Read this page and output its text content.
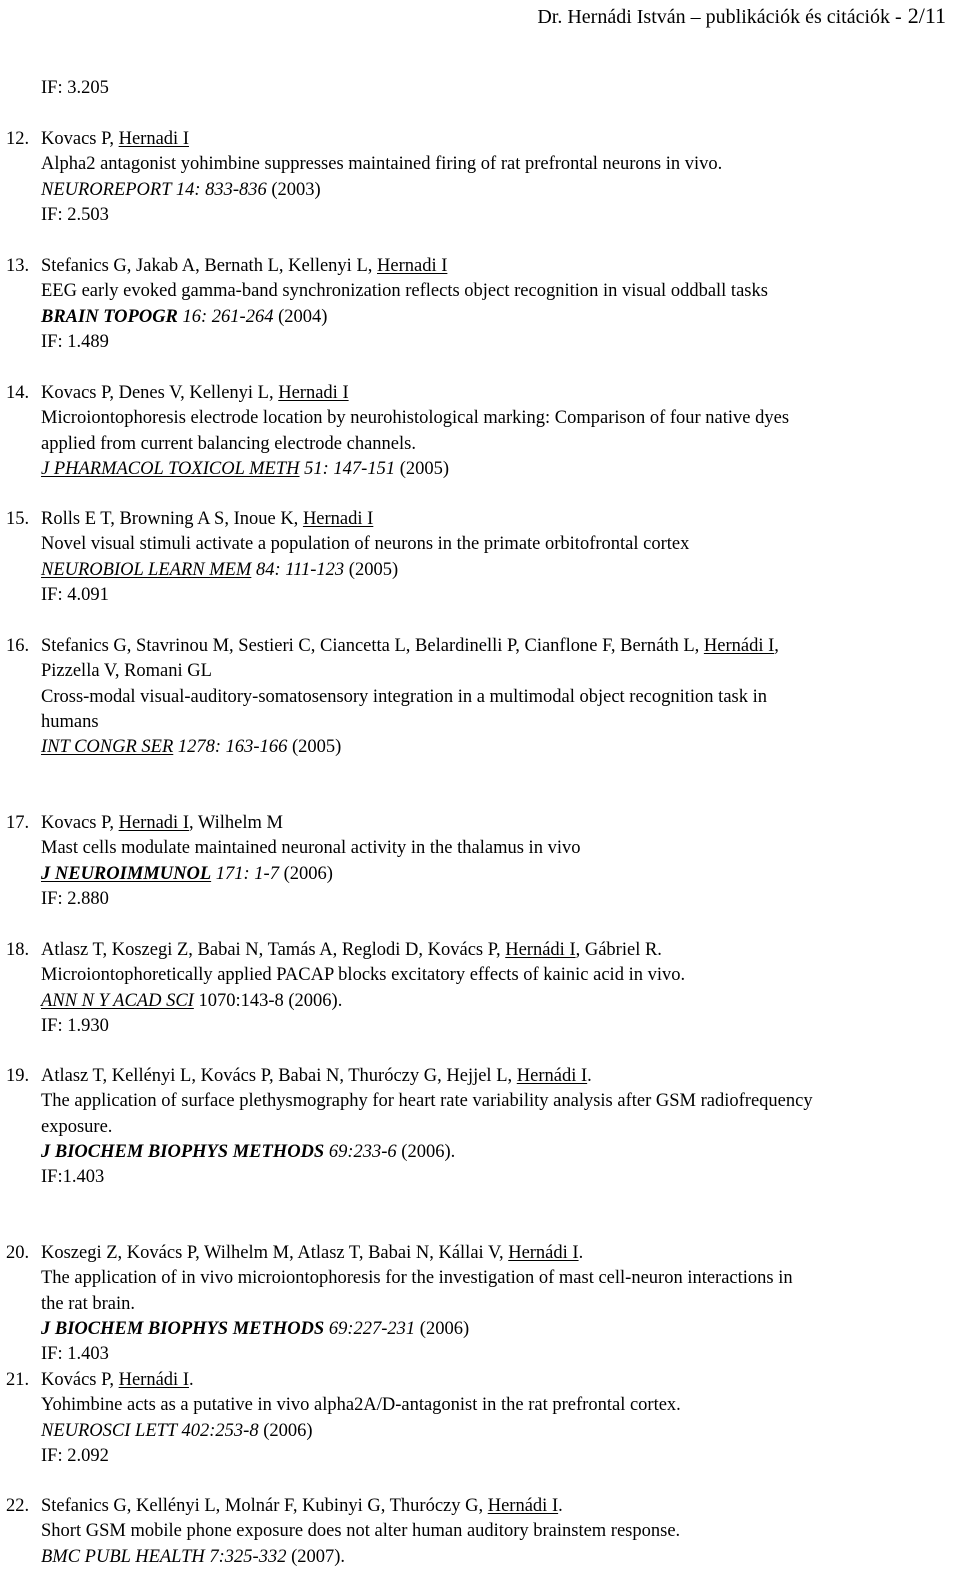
Dr. Hernádi István – publikációk és citációk - 2/11
IF: 3.205
12. Kovacs P, Hernadi I
Alpha2 antagonist yohimbine suppresses maintained firing of rat prefrontal neurons in vivo.
NEUROREPORT 14: 833-836 (2003)
IF: 2.503
13. Stefanics G, Jakab A, Bernath L, Kellenyi L, Hernadi I
EEG early evoked gamma-band synchronization reflects object recognition in visual oddball tasks
BRAIN TOPOGR 16: 261-264 (2004)
IF: 1.489
14. Kovacs P, Denes V, Kellenyi L, Hernadi I
Microiontophoresis electrode location by neurohistological marking: Comparison of four native dyes
applied from current balancing electrode channels.
J PHARMACOL TOXICOL METH 51: 147-151 (2005)
15. Rolls E T, Browning A S, Inoue K, Hernadi I
Novel visual stimuli activate a population of neurons in the primate orbitofrontal cortex
NEUROBIOL LEARN MEM 84: 111-123 (2005)
IF: 4.091
16. Stefanics G, Stavrinou M, Sestieri C, Ciancetta L, Belardinelli P, Cianflone F, Bernáth L, Hernádi I,
Pizzella V, Romani GL
Cross-modal visual-auditory-somatosensory integration in a multimodal object recognition task in
humans
INT CONGR SER 1278: 163-166 (2005)
17. Kovacs P, Hernadi I, Wilhelm M
Mast cells modulate maintained neuronal activity in the thalamus in vivo
J NEUROIMMUNOL 171: 1-7 (2006)
IF: 2.880
18. Atlasz T, Koszegi Z, Babai N, Tamás A, Reglodi D, Kovács P, Hernádi I, Gábriel R.
Microiontophoretically applied PACAP blocks excitatory effects of kainic acid in vivo.
ANN N Y ACAD SCI 1070:143-8 (2006).
IF: 1.930
19. Atlasz T, Kellényi L, Kovács P, Babai N, Thuróczy G, Hejjel L, Hernádi I.
The application of surface plethysmography for heart rate variability analysis after GSM radiofrequency
exposure.
J BIOCHEM BIOPHYS METHODS 69:233-6 (2006).
IF:1.403
20. Koszegi Z, Kovács P, Wilhelm M, Atlasz T, Babai N, Kállai V, Hernádi I.
The application of in vivo microiontophoresis for the investigation of mast cell-neuron interactions in
the rat brain.
J BIOCHEM BIOPHYS METHODS 69:227-231 (2006)
IF: 1.403
21. Kovács P, Hernádi I.
Yohimbine acts as a putative in vivo alpha2A/D-antagonist in the rat prefrontal cortex.
NEUROSCI LETT 402:253-8 (2006)
IF: 2.092
22. Stefanics G, Kellényi L, Molnár F, Kubinyi G, Thuróczy G, Hernádi I.
Short GSM mobile phone exposure does not alter human auditory brainstem response.
BMC PUBL HEALTH 7:325-332 (2007).
